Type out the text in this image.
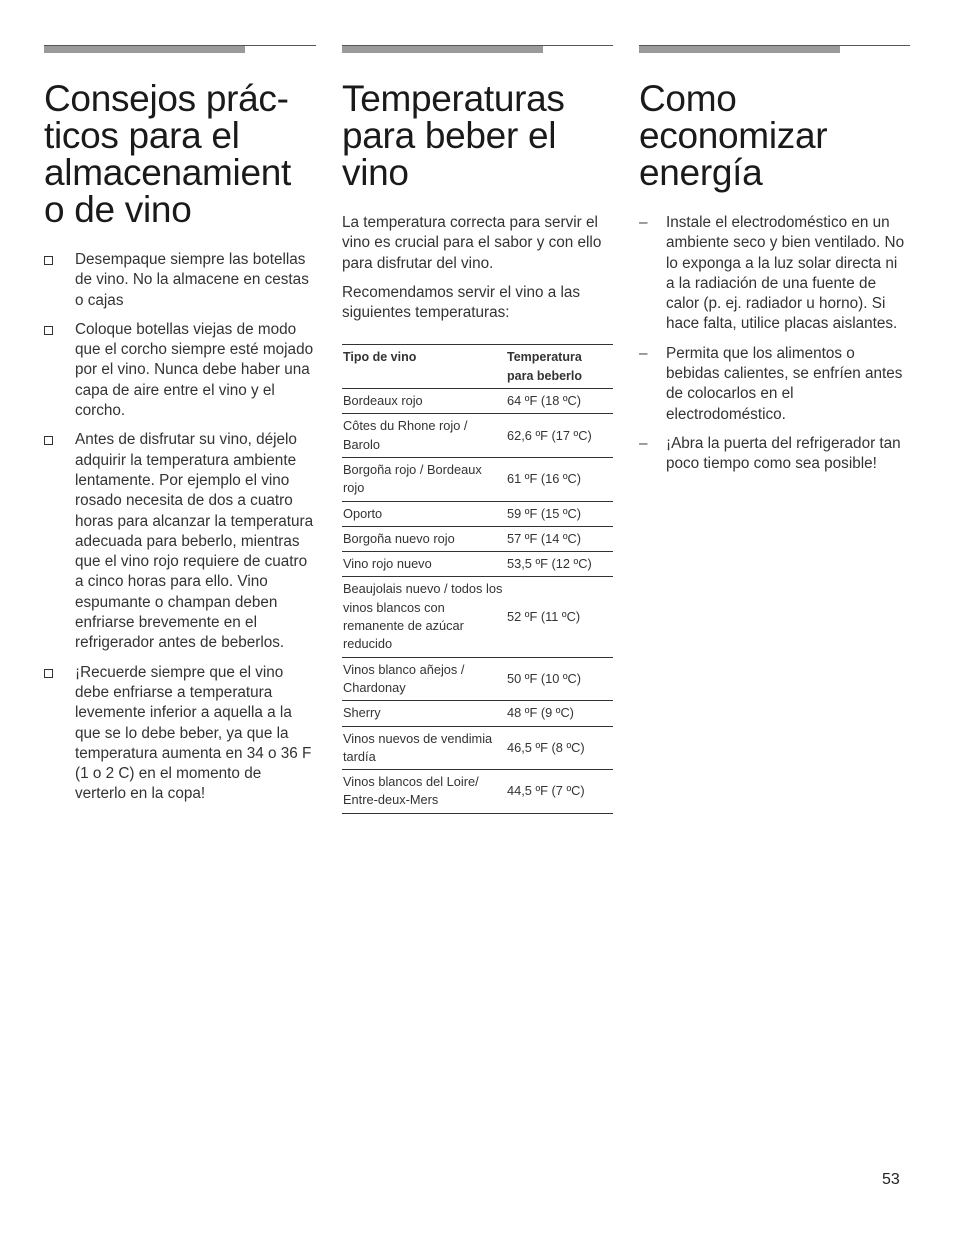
Consejos prác-
ticos para el
almacenamient
o de vino
Desempaque siempre las botellas de vino. No la almacene en cestas o cajas
Coloque botellas viejas de modo que el corcho siempre esté mojado por el vino. Nunca debe haber una capa de aire entre el vino y el corcho.
Antes de disfrutar su vino, déjelo adquirir la temperatura ambiente lentamente. Por ejemplo el vino rosado necesita de dos a cuatro horas para alcanzar la temperatura adecuada para beberlo, mientras que el vino rojo requiere de cuatro a cinco horas para ello. Vino espumante o champan deben enfriarse brevemente en el refrigerador antes de beberlos.
¡Recuerde siempre que el vino debe enfriarse a temperatura levemente inferior a aquella a la que se lo debe beber, ya que la temperatura aumenta en 34 o 36 F (1 o 2 C) en el momento de verterlo en la copa!
Temperaturas
para beber el
vino

La temperatura correcta para servir el vino es crucial para el sabor y con ello para disfrutar del vino.

Recomendamos servir el vino a las siguientes temperaturas:

Tipo de vino	Temperatura para beberlo
Bordeaux rojo	64 ºF (18 ºC)
Côtes du Rhone rojo / Barolo	62,6 ºF (17 ºC)
Borgoña rojo / Bordeaux rojo	61 ºF (16 ºC)
Oporto	59 ºF (15 ºC)
Borgoña nuevo rojo	57 ºF (14 ºC)
Vino rojo nuevo	53,5 ºF (12 ºC)
Beaujolais nuevo / todos los vinos blancos con remanente de azúcar reducido	52 ºF (11 ºC)
Vinos blanco añejos / Chardonay	50 ºF (10 ºC)
Sherry	48 ºF (9 ºC)
Vinos nuevos de vendimia tardía	46,5 ºF (8 ºC)
Vinos blancos del Loire/ Entre-deux-Mers	44,5 ºF (7 ºC)
Como
economizar
energía
– Instale el electrodoméstico en un ambiente seco y bien ventilado. No lo exponga a la luz solar directa ni a la radiación de una fuente de calor (p. ej. radiador u horno). Si hace falta, utilice placas aislantes.
– Permita que los alimentos o bebidas calientes, se enfríen antes de colocarlos en el electrodoméstico.
– ¡Abra la puerta del refrigerador tan poco tiempo como sea posible!
53
